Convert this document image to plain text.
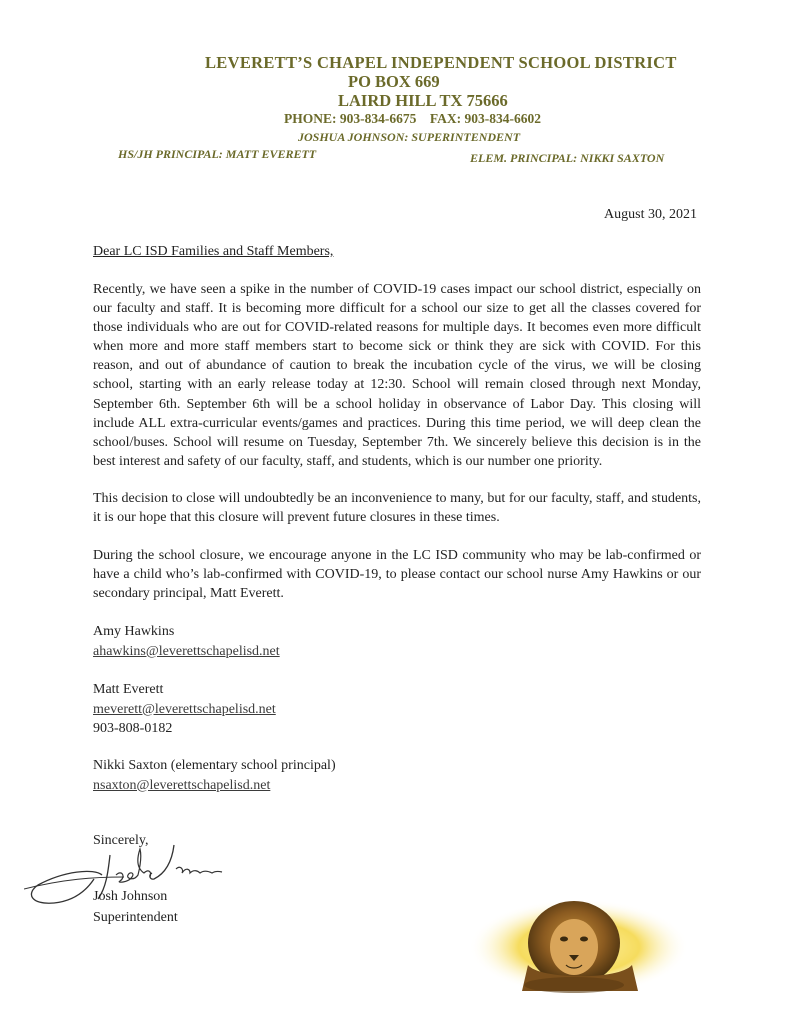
LEVERETT’S CHAPEL INDEPENDENT SCHOOL DISTRICT
PO BOX 669
LAIRD HILL TX 75666
PHONE: 903-834-6675    FAX: 903-834-6602
JOSHUA JOHNSON: SUPERINTENDENT
HS/JH PRINCIPAL: MATT EVERETT	ELEM. PRINCIPAL: NIKKI SAXTON
August 30, 2021
Dear LC ISD Families and Staff Members,
Recently, we have seen a spike in the number of COVID-19 cases impact our school district, especially on our faculty and staff. It is becoming more difficult for a school our size to get all the classes covered for those individuals who are out for COVID-related reasons for multiple days. It becomes even more difficult when more and more staff members start to become sick or think they are sick with COVID. For this reason, and out of abundance of caution to break the incubation cycle of the virus, we will be closing school, starting with an early release today at 12:30. School will remain closed through next Monday, September 6th. September 6th will be a school holiday in observance of Labor Day. This closing will include ALL extra-curricular events/games and practices. During this time period, we will deep clean the school/buses. School will resume on Tuesday, September 7th. We sincerely believe this decision is in the best interest and safety of our faculty, staff, and students, which is our number one priority.
This decision to close will undoubtedly be an inconvenience to many, but for our faculty, staff, and students, it is our hope that this closure will prevent future closures in these times.
During the school closure, we encourage anyone in the LC ISD community who may be lab-confirmed or have a child who’s lab-confirmed with COVID-19, to please contact our school nurse Amy Hawkins or our secondary principal, Matt Everett.
Amy Hawkins
ahawkins@leverettschapelisd.net
Matt Everett
meverett@leverettschapelisd.net
903-808-0182
Nikki Saxton (elementary school principal)
nsaxton@leverettschapelisd.net
Sincerely,
Josh Johnson
Superintendent
